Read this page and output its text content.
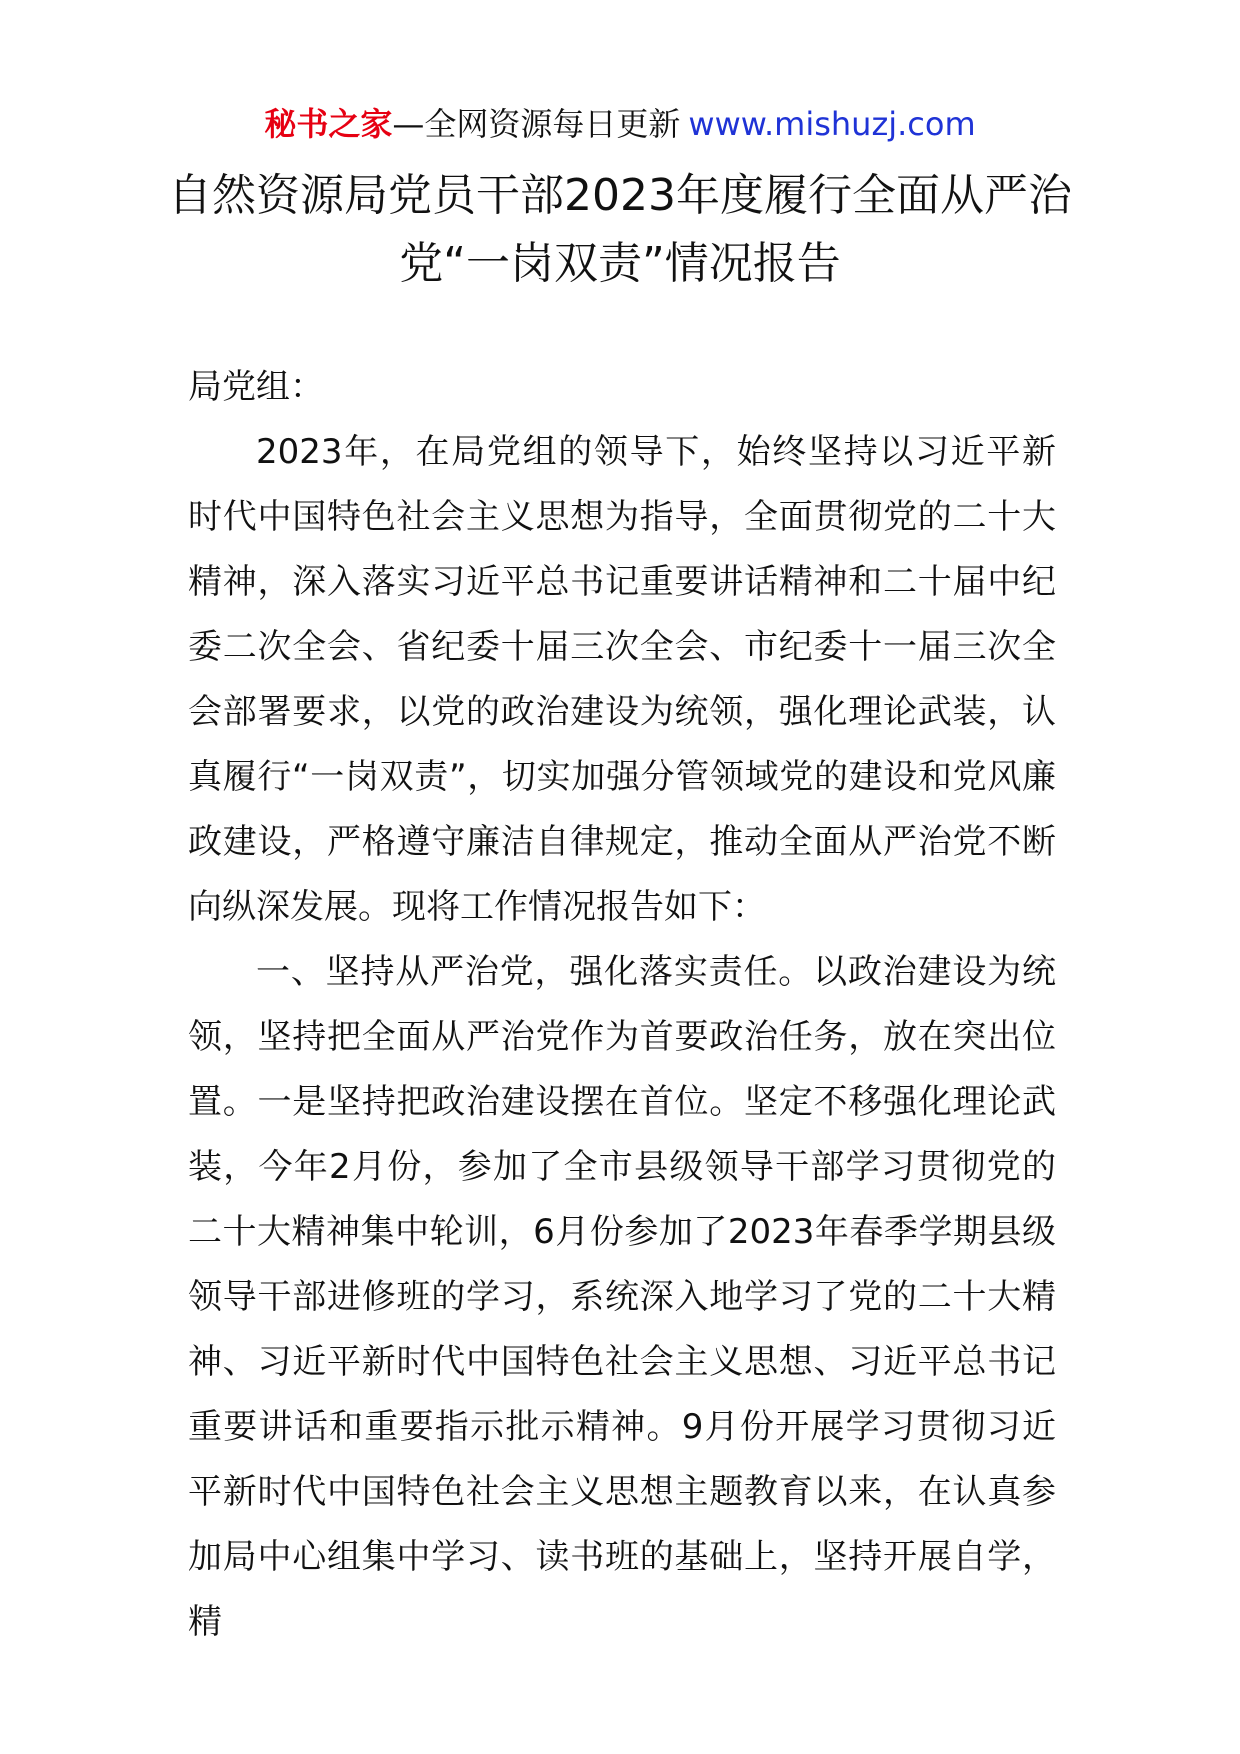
秘书之家—全网资源每日更新 www.mishuzj.com
自然资源局党员干部2023年度履行全面从严治
党“一岗双责”情况报告

局党组：

2023年，在局党组的领导下，始终坚持以习近平新时代中国特色社会主义思想为指导，全面贯彻党的二十大精神，深入落实习近平总书记重要讲话精神和二十届中纪委二次全会、省纪委十届三次全会、市纪委十一届三次全会部署要求，以党的政治建设为统领，强化理论武装，认真履行“一岗双责”，切实加强分管领域党的建设和党风廉政建设，严格遵守廉洁自律规定，推动全面从严治党不断向纵深发展。现将工作情况报告如下：

一、坚持从严治党，强化落实责任。以政治建设为统领，坚持把全面从严治党作为首要政治任务，放在突出位置。一是坚持把政治建设摆在首位。坚定不移强化理论武装，今年2月份，参加了全市县级领导干部学习贯彻党的二十大精神集中轮训，6月份参加了2023年春季学期县级领导干部进修班的学习，系统深入地学习了党的二十大精神、习近平新时代中国特色社会主义思想、习近平总书记重要讲话和重要指示批示精神。9月份开展学习贯彻习近平新时代中国特色社会主义思想主题教育以来，在认真参加局中心组集中学习、读书班的基础上，坚持开展自学，精
